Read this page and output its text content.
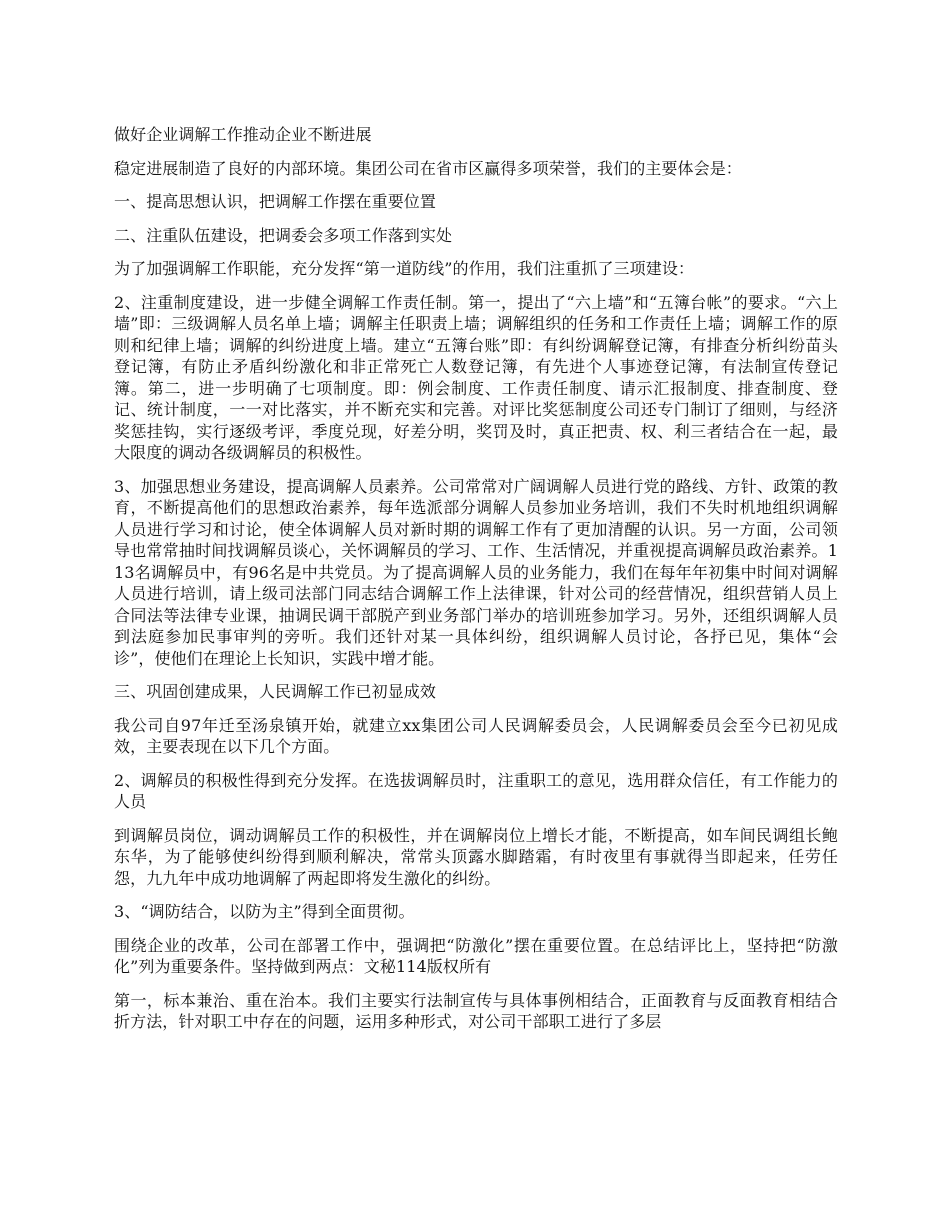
做好企业调解工作推动企业不断进展

稳定进展制造了良好的内部环境。集团公司在省市区赢得多项荣誉，我们的主要体会是：

一、提高思想认识，把调解工作摆在重要位置

二、注重队伍建设，把调委会多项工作落到实处

为了加强调解工作职能，充分发挥“第一道防线”的作用，我们注重抓了三项建设：

2、注重制度建设，进一步健全调解工作责任制。第一，提出了“六上墙”和“五簿台帐”的要求。“六上墙”即：三级调解人员名单上墙；调解主任职责上墙；调解组织的任务和工作责任上墙；调解工作的原则和纪律上墙；调解的纠纷进度上墙。建立“五簿台账”即：有纠纷调解登记簿，有排查分析纠纷苗头登记簿，有防止矛盾纠纷激化和非正常死亡人数登记簿，有先进个人事迹登记簿，有法制宣传登记簿。第二，进一步明确了七项制度。即：例会制度、工作责任制度、请示汇报制度、排查制度、登记、统计制度，一一对比落实，并不断充实和完善。对评比奖惩制度公司还专门制订了细则，与经济奖惩挂钩，实行逐级考评，季度兑现，好差分明，奖罚及时，真正把责、权、利三者结合在一起，最大限度的调动各级调解员的积极性。

3、加强思想业务建设，提高调解人员素养。公司常常对广阔调解人员进行党的路线、方针、政策的教育，不断提高他们的思想政治素养，每年选派部分调解人员参加业务培训，我们不失时机地组织调解人员进行学习和讨论，使全体调解人员对新时期的调解工作有了更加清醒的认识。另一方面，公司领导也常常抽时间找调解员谈心，关怀调解员的学习、工作、生活情况，并重视提高调解员政治素养。113名调解员中，有96名是中共党员。为了提高调解人员的业务能力，我们在每年年初集中时间对调解人员进行培训，请上级司法部门同志结合调解工作上法律课，针对公司的经营情况，组织营销人员上合同法等法律专业课，抽调民调干部脱产到业务部门举办的培训班参加学习。另外，还组织调解人员到法庭参加民事审判的旁听。我们还针对某一具体纠纷，组织调解人员讨论，各抒已见，集体“会诊”，使他们在理论上长知识，实践中增才能。

三、巩固创建成果，人民调解工作已初显成效

我公司自97年迁至汤泉镇开始，就建立xx集团公司人民调解委员会，人民调解委员会至今已初见成效，主要表现在以下几个方面。

2、调解员的积极性得到充分发挥。在选拔调解员时，注重职工的意见，选用群众信任，有工作能力的人员

到调解员岗位，调动调解员工作的积极性，并在调解岗位上增长才能，不断提高，如车间民调组长鲍东华，为了能够使纠纷得到顺利解决，常常头顶露水脚踏霜，有时夜里有事就得当即起来，任劳任怨，九九年中成功地调解了两起即将发生激化的纠纷。

3、“调防结合，以防为主”得到全面贯彻。

围绕企业的改革，公司在部署工作中，强调把“防激化”摆在重要位置。在总结评比上，坚持把“防激化”列为重要条件。坚持做到两点：文秘114版权所有

第一，标本兼治、重在治本。我们主要实行法制宣传与具体事例相结合，正面教育与反面教育相结合折方法，针对职工中存在的问题，运用多种形式，对公司干部职工进行了多层
